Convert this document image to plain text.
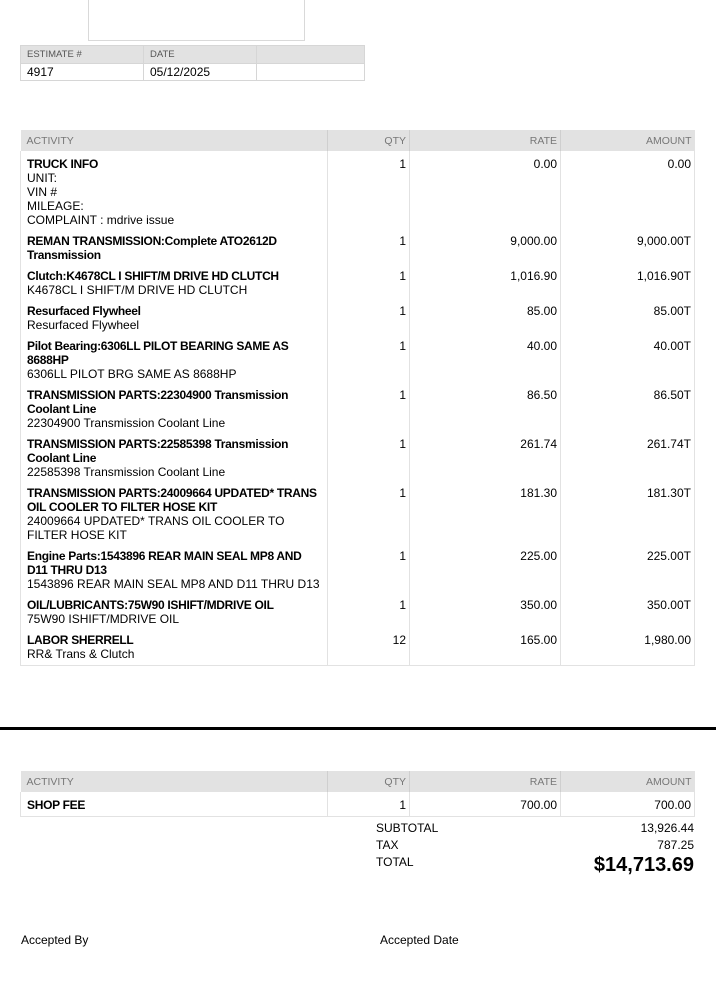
ESTIMATE #	DATE	
4917	05/12/2025	
ACTIVITY	QTY	RATE	AMOUNT

TRUCK INFO
UNIT:
VIN #
MILEAGE:
COMPLAINT : mdrive issue	1	0.00	0.00

REMAN TRANSMISSION:Complete ATO2612D Transmission	1	9,000.00	9,000.00T

Clutch:K4678CL I SHIFT/M DRIVE HD CLUTCH
K4678CL I SHIFT/M DRIVE HD CLUTCH	1	1,016.90	1,016.90T

Resurfaced Flywheel
Resurfaced Flywheel	1	85.00	85.00T

Pilot Bearing:6306LL PILOT BEARING SAME AS 8688HP
6306LL PILOT BRG SAME AS 8688HP	1	40.00	40.00T

TRANSMISSION PARTS:22304900 Transmission Coolant Line
22304900 Transmission Coolant Line	1	86.50	86.50T

TRANSMISSION PARTS:22585398 Transmission Coolant Line
22585398 Transmission Coolant Line	1	261.74	261.74T

TRANSMISSION PARTS:24009664 UPDATED* TRANS OIL COOLER TO FILTER HOSE KIT
24009664 UPDATED* TRANS OIL COOLER TO FILTER HOSE KIT	1	181.30	181.30T

Engine Parts:1543896 REAR MAIN SEAL MP8 AND D11 THRU D13
1543896 REAR MAIN SEAL MP8 AND D11 THRU D13	1	225.00	225.00T

OIL/LUBRICANTS:75W90 ISHIFT/MDRIVE OIL
75W90 ISHIFT/MDRIVE OIL	1	350.00	350.00T

LABOR SHERRELL
RR& Trans & Clutch	12	165.00	1,980.00
ACTIVITY	QTY	RATE	AMOUNT

SHOP FEE	1	700.00	700.00
SUBTOTAL	13,926.44
TAX	787.25
TOTAL	$14,713.69
Accepted By	Accepted Date
